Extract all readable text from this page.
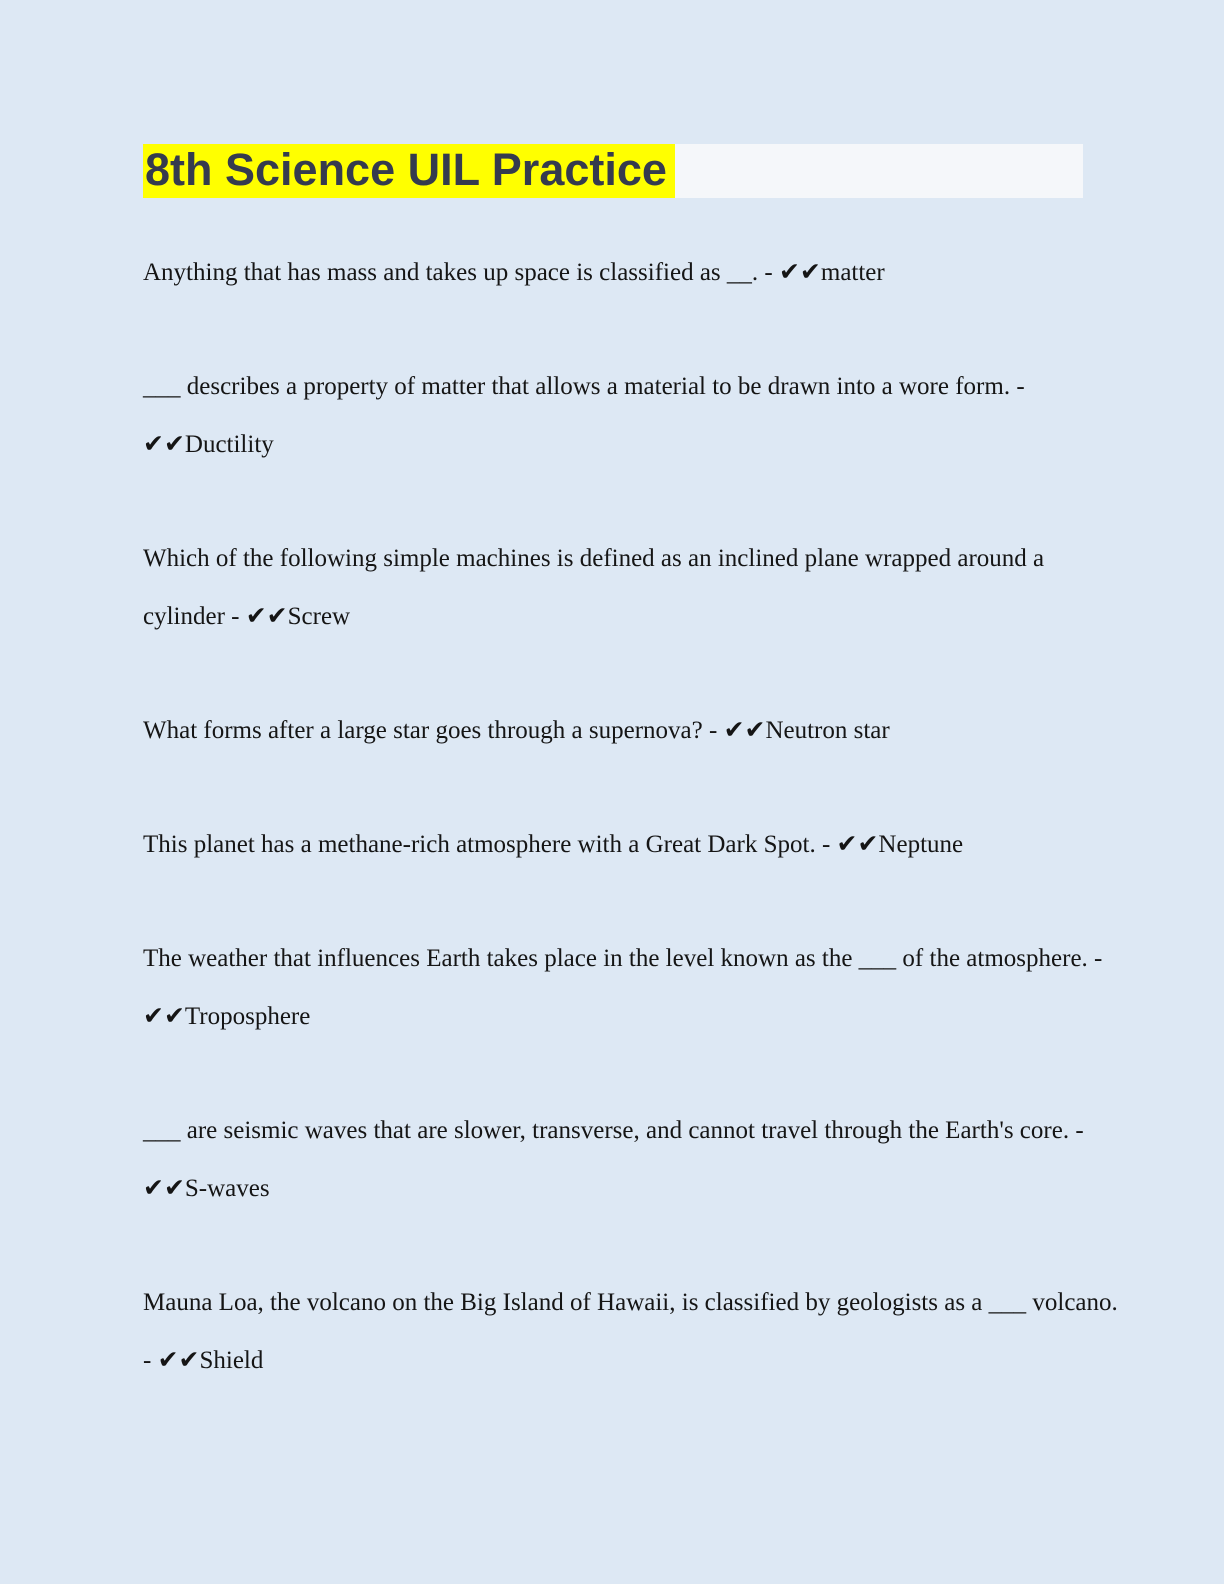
8th Science UIL Practice
Anything that has mass and takes up space is classified as __. - ✔✔matter
___ describes a property of matter that allows a material to be drawn into a wore form. -
✔✔Ductility
Which of the following simple machines is defined as an inclined plane wrapped around a
cylinder - ✔✔Screw
What forms after a large star goes through a supernova? - ✔✔Neutron star
This planet has a methane-rich atmosphere with a Great Dark Spot. - ✔✔Neptune
The weather that influences Earth takes place in the level known as the ___ of the atmosphere. -
✔✔Troposphere
___ are seismic waves that are slower, transverse, and cannot travel through the Earth's core. -
✔✔S-waves
Mauna Loa, the volcano on the Big Island of Hawaii, is classified by geologists as a ___ volcano.
- ✔✔Shield
